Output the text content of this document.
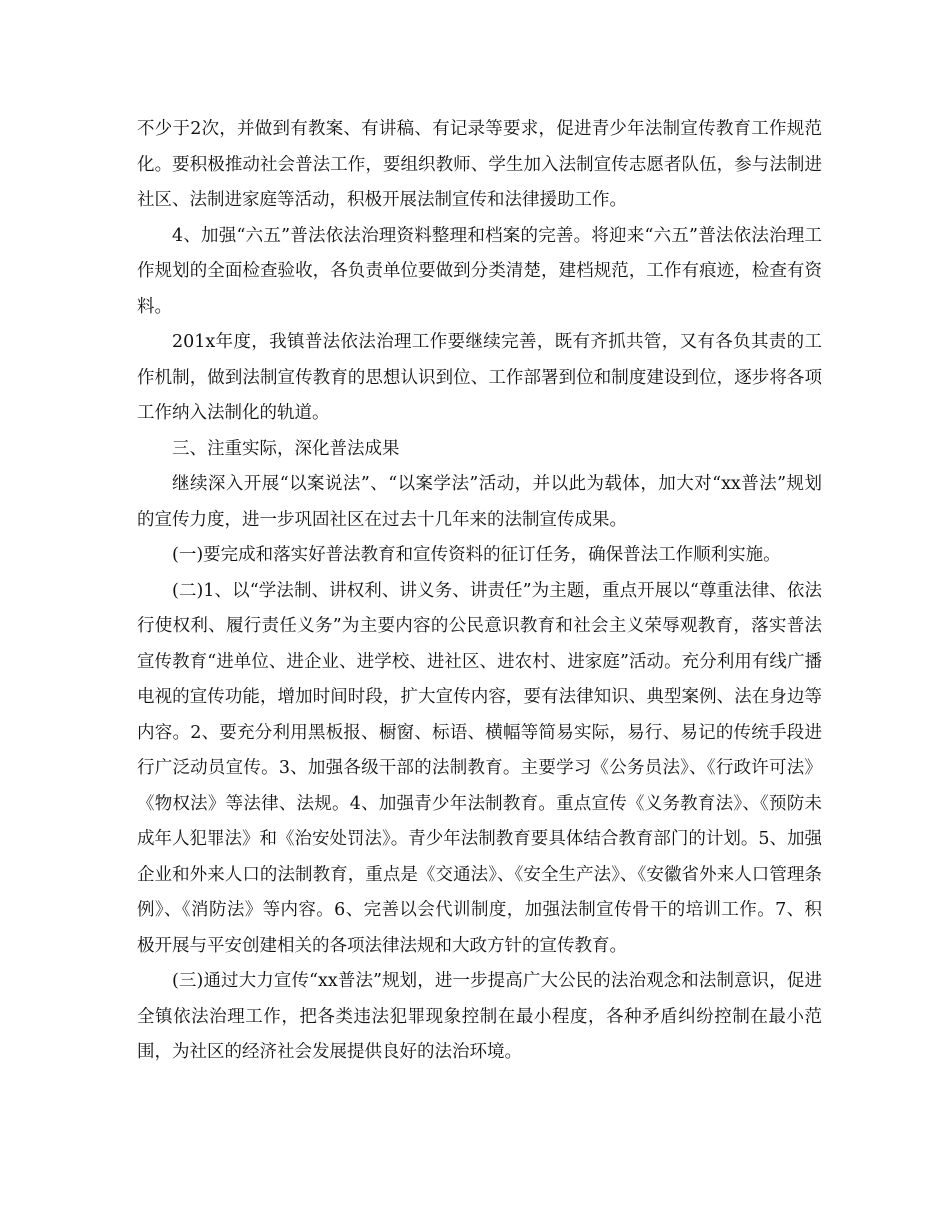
不少于2次，并做到有教案、有讲稿、有记录等要求，促进青少年法制宣传教育工作规范化。要积极推动社会普法工作，要组织教师、学生加入法制宣传志愿者队伍，参与法制进社区、法制进家庭等活动，积极开展法制宣传和法律援助工作。

4、加强“六五”普法依法治理资料整理和档案的完善。将迎来“六五”普法依法治理工作规划的全面检查验收，各负责单位要做到分类清楚，建档规范，工作有痕迹，检查有资料。

201x年度，我镇普法依法治理工作要继续完善，既有齐抓共管，又有各负其责的工作机制，做到法制宣传教育的思想认识到位、工作部署到位和制度建设到位，逐步将各项工作纳入法制化的轨道。

三、注重实际，深化普法成果

继续深入开展“以案说法”、“以案学法”活动，并以此为载体，加大对“xx普法”规划的宣传力度，进一步巩固社区在过去十几年来的法制宣传成果。

(一)要完成和落实好普法教育和宣传资料的征订任务，确保普法工作顺利实施。

(二)1、以“学法制、讲权利、讲义务、讲责任”为主题，重点开展以“尊重法律、依法行使权利、履行责任义务”为主要内容的公民意识教育和社会主义荣辱观教育，落实普法宣传教育“进单位、进企业、进学校、进社区、进农村、进家庭”活动。充分利用有线广播电视的宣传功能，增加时间时段，扩大宣传内容，要有法律知识、典型案例、法在身边等内容。2、要充分利用黑板报、橱窗、标语、横幅等简易实际，易行、易记的传统手段进行广泛动员宣传。3、加强各级干部的法制教育。主要学习《公务员法》、《行政许可法》《物权法》等法律、法规。4、加强青少年法制教育。重点宣传《义务教育法》、《预防未成年人犯罪法》和《治安处罚法》。青少年法制教育要具体结合教育部门的计划。5、加强企业和外来人口的法制教育，重点是《交通法》、《安全生产法》、《安徽省外来人口管理条例》、《消防法》等内容。6、完善以会代训制度，加强法制宣传骨干的培训工作。7、积极开展与平安创建相关的各项法律法规和大政方针的宣传教育。

(三)通过大力宣传“xx普法”规划，进一步提高广大公民的法治观念和法制意识，促进全镇依法治理工作，把各类违法犯罪现象控制在最小程度，各种矛盾纠纷控制在最小范围，为社区的经济社会发展提供良好的法治环境。
